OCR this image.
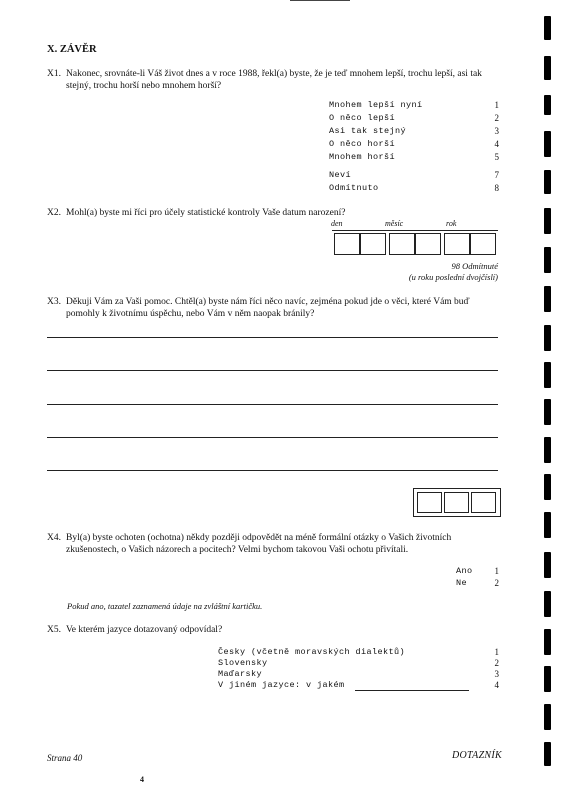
X. ZÁVĚR
X1. Nakonec, srovnáte-li Váš život dnes a v roce 1988, řekl(a) byste, že je teď mnohem lepší, trochu lepší, asi tak stejný, trochu horší nebo mnohem horší?
Mnohem lepší nyní	1
O něco lepší	2
Asi tak stejný	3
O něco horší	4
Mnohem horší	5
Neví	7
Odmítnuto	8
X2. Mohl(a) byste mi říci pro účely statistické kontroly Vaše datum narození?
den	měsíc	rok
98 Odmítnuté
(u roku poslední dvojčíslí)
X3. Děkuji Vám za Vaši pomoc. Chtěl(a) byste nám říci něco navíc, zejména pokud jde o věci, které Vám buď pomohly k životnímu úspěchu, nebo Vám v něm naopak bránily?
X4. Byl(a) byste ochoten (ochotna) někdy později odpovědět na méně formální otázky o Vašich životních zkušenostech, o Vašich názorech a pocitech? Velmi bychom takovou Vaši ochotu přivítali.
Ano	1
Ne	2
Pokud ano, tazatel zaznamená údaje na zvláštní kartičku.
X5. Ve kterém jazyce dotazovaný odpovídal?
Česky (včetně moravských dialektů)	1
Slovensky	2
Maďarsky	3
V jiném jazyce: v jakém	4
Strana 40	DOTAZNÍK
4
